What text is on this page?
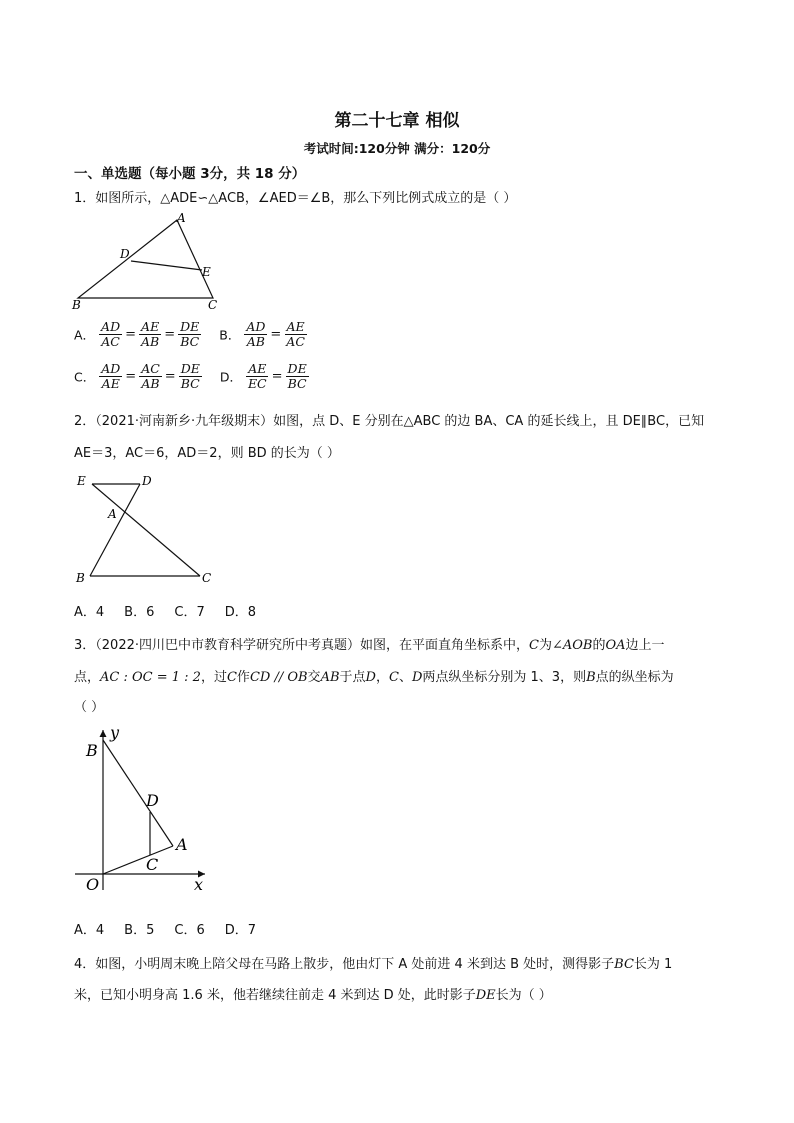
第二十七章 相似
考试时间:120分钟 满分：120分
一、单选题（每小题 3分，共 18 分）
1．如图所示，△ADE∽△ACB，∠AED＝∠B，那么下列比例式成立的是（ ）
A
D
E
B	C
A． $\frac{AD}{AC} = \frac{AE}{AB} = \frac{DE}{BC}$ B． $\frac{AD}{AB} = \frac{AE}{AC}$
C． $\frac{AD}{AE} = \frac{AC}{AB} = \frac{DE}{BC}$ D． $\frac{AE}{EC} = \frac{DE}{BC}$
2．（2021·河南新乡·九年级期末）如图，点 D、E 分别在△ABC 的边 BA、CA 的延长线上，且 DE∥BC，已知
AE＝3，AC＝6，AD＝2，则 BD 的长为（ ）
E	D
A
B	C
A．4 B．6 C．7 D．8
3．（2022·四川巴中市教育科学研究所中考真题）如图，在平面直角坐标系中，C为∠AOB的OA边上一
点，AC : OC = 1 : 2，过C作CD // OB交AB于点D，C、D两点纵坐标分别为 1、3，则B点的纵坐标为
（ ）
y
B
D
A
C
O	x
A．4 B．5 C．6 D．7
4．如图，小明周末晚上陪父母在马路上散步，他由灯下 A 处前进 4 米到达 B 处时，测得影子BC长为 1
米，已知小明身高 1.6 米，他若继续往前走 4 米到达 D 处，此时影子DE长为（ ）
